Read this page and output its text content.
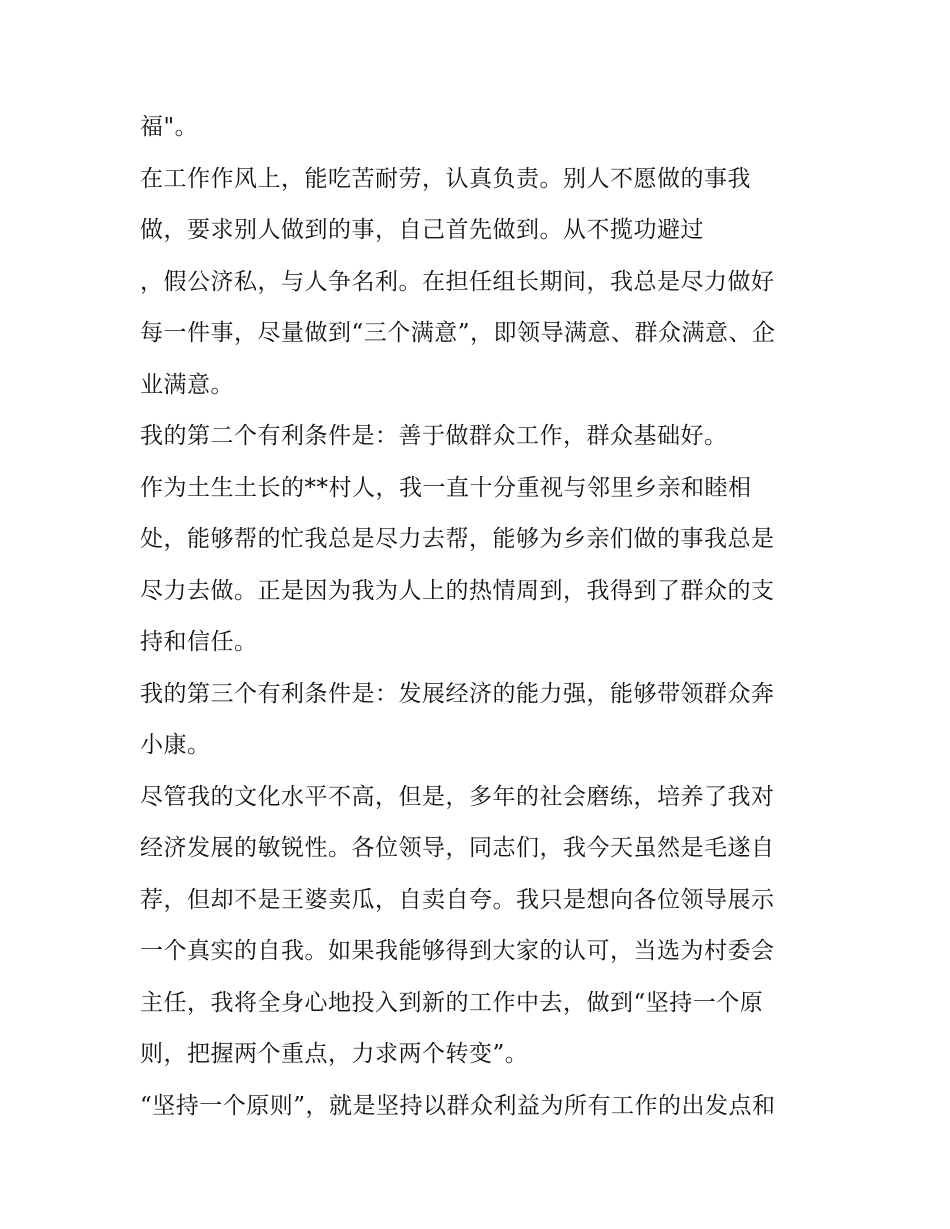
福"。
在工作作风上，能吃苦耐劳，认真负责。别人不愿做的事我
做，要求别人做到的事，自己首先做到。从不揽功避过
，假公济私，与人争名利。在担任组长期间，我总是尽力做好
每一件事，尽量做到“三个满意”，即领导满意、群众满意、企
业满意。
我的第二个有利条件是：善于做群众工作，群众基础好。
作为土生土长的**村人，我一直十分重视与邻里乡亲和睦相
处，能够帮的忙我总是尽力去帮，能够为乡亲们做的事我总是
尽力去做。正是因为我为人上的热情周到，我得到了群众的支
持和信任。
我的第三个有利条件是：发展经济的能力强，能够带领群众奔
小康。
尽管我的文化水平不高，但是，多年的社会磨练，培养了我对
经济发展的敏锐性。各位领导，同志们，我今天虽然是毛遂自
荐，但却不是王婆卖瓜，自卖自夸。我只是想向各位领导展示
一个真实的自我。如果我能够得到大家的认可，当选为村委会
主任，我将全身心地投入到新的工作中去，做到“坚持一个原
则，把握两个重点，力求两个转变”。
“坚持一个原则”，就是坚持以群众利益为所有工作的出发点和
